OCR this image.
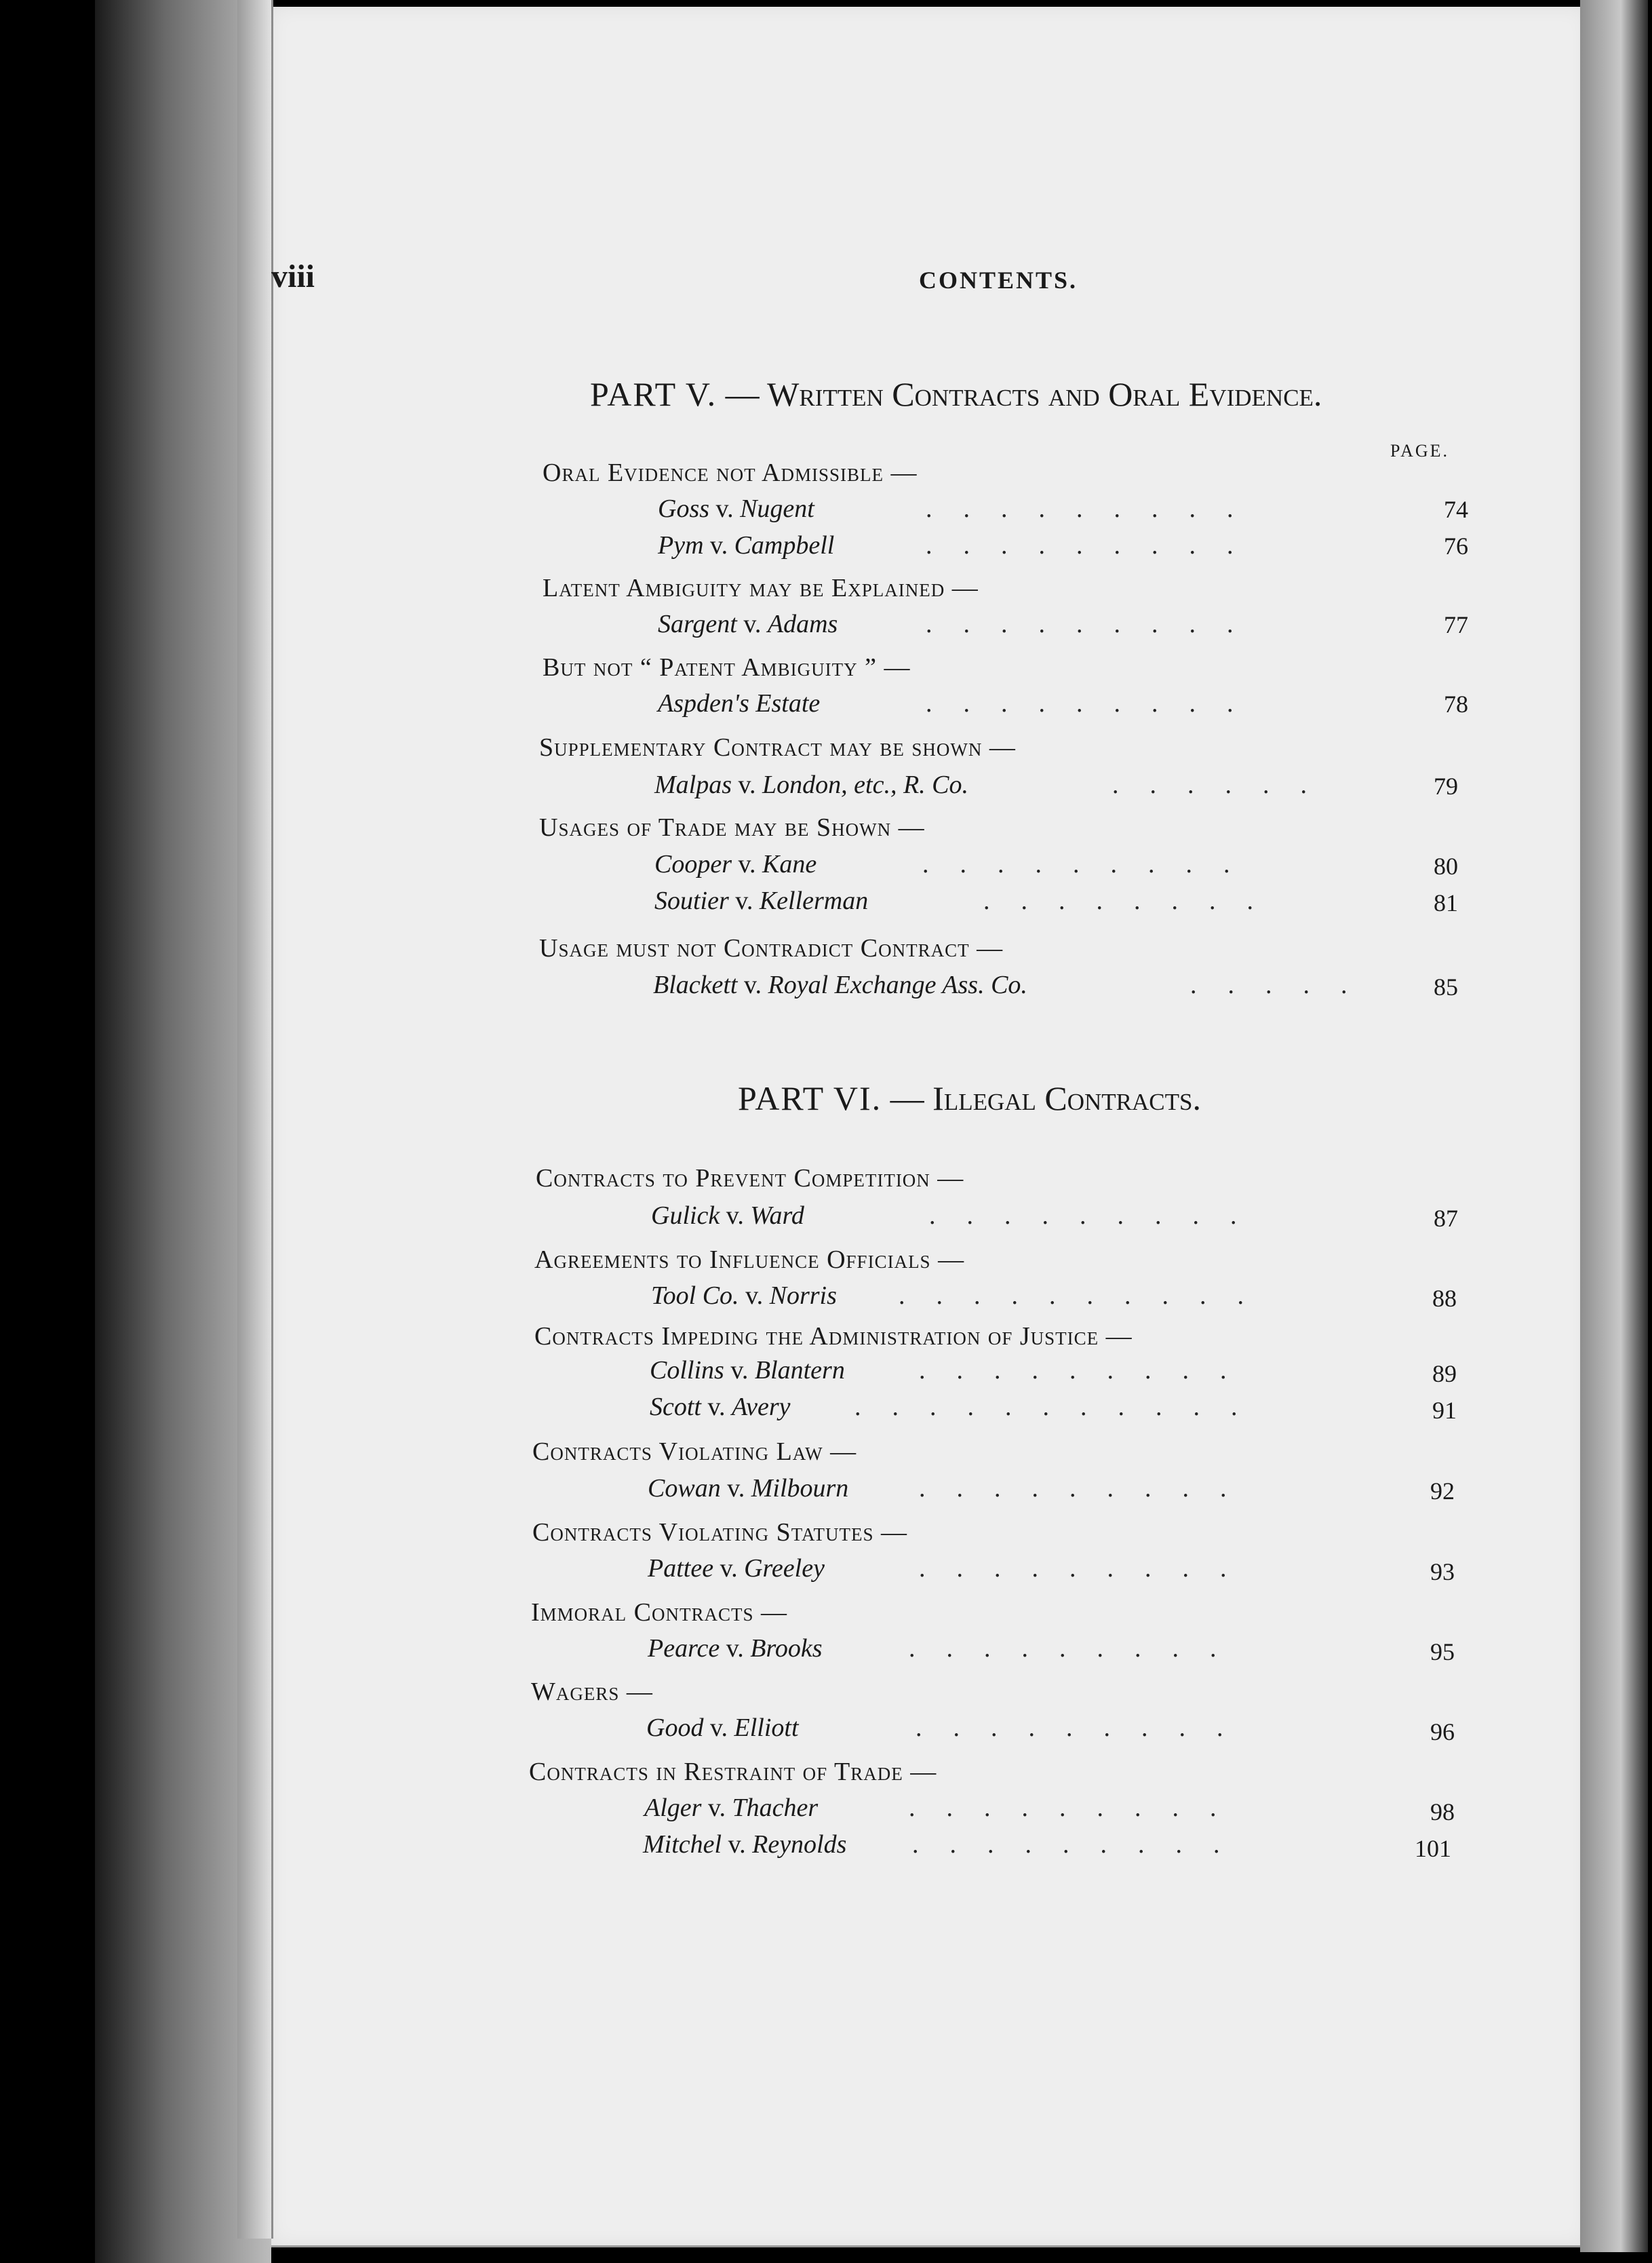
viii	CONTENTS.
PART V. — Written Contracts and Oral Evidence.
PAGE.
Oral Evidence not Admissible —
Goss v. Nugent	.........	74
Pym v. Campbell	.........	76
Latent Ambiguity may be Explained —
Sargent v. Adams	.........	77
But not “ Patent Ambiguity ” —
Aspden's Estate	.........	78
Supplementary Contract may be shown —
Malpas v. London, etc., R. Co.	......	79
Usages of Trade may be Shown —
Cooper v. Kane	.........	80
Soutier v. Kellerman	........	81
Usage must not Contradict Contract —
Blackett v. Royal Exchange Ass. Co.	.....	85
PART VI. — Illegal Contracts.
Contracts to Prevent Competition —
Gulick v. Ward	.........	87
Agreements to Influence Officials —
Tool Co. v. Norris	..........	88
Contracts Impeding the Administration of Justice —
Collins v. Blantern	.........	89
Scott v. Avery	...........	91
Contracts Violating Law —
Cowan v. Milbourn	.........	92
Contracts Violating Statutes —
Pattee v. Greeley	.........	93
Immoral Contracts —
Pearce v. Brooks	.........	95
Wagers —
Good v. Elliott	.........	96
Contracts in Restraint of Trade —
Alger v. Thacher	.........	98
Mitchel v. Reynolds	.........	101
